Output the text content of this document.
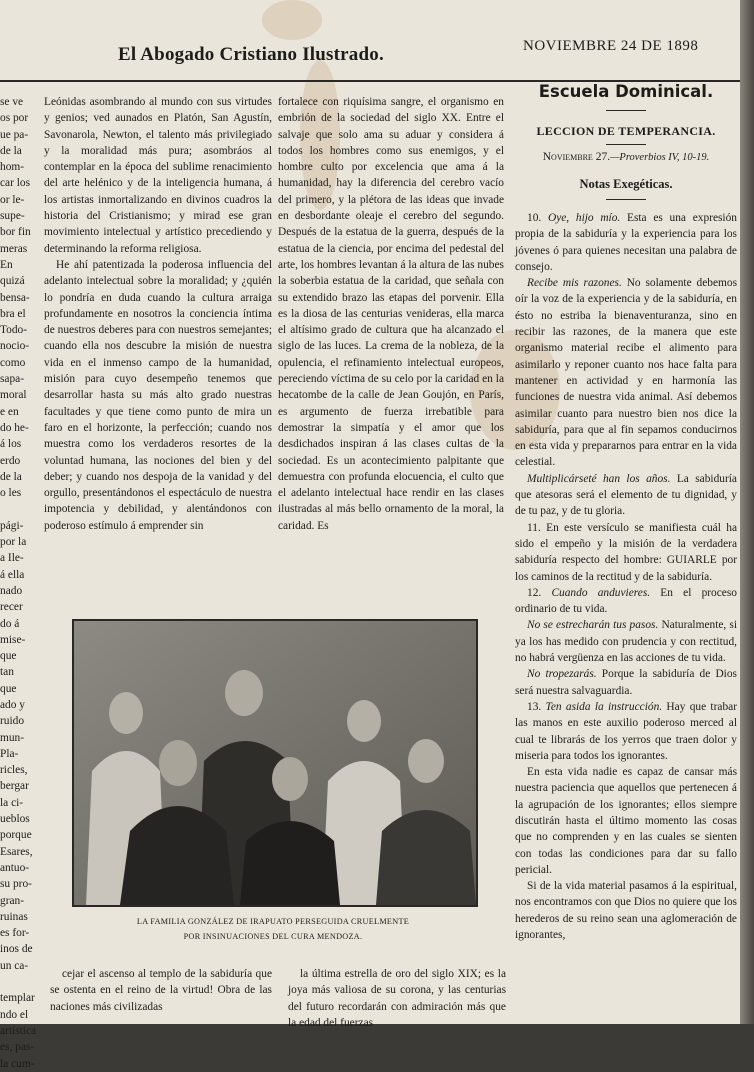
El Abogado Cristiano Ilustrado.	NOVIEMBRE 24 DE 1898
se ve
os por
ue pa-
de la
hom-
car los
or le-
supe-
bor fin
meras
En
quizá
bensa-
bra el
Todo-
nocio-
como
sapa-
moral
e en
do he-
á los
erdo
de la
o les

pági-
por la
a Ile-
á ella
nado
recer
do á
mise-
que
tan
que
ado y
ruido
mun-
Pla-
ricles,
bergar
la ci-
ueblos
porque
Esares,
antuo-
su pro-
gran-
ruinas
es for-
inos de
un ca-

templar
ndo el
artística
es, pas-
la cum-

Leónidas asombrando al mundo con sus virtudes y genios; ved aunados en Platón, San Agustín, Savonarola, Newton, el talento más privilegiado y la moralidad más pura; asombráos al contemplar en la época del sublime renacimiento del arte helénico y de la inteligencia humana, á los artistas inmortalizando en divinos cuadros la historia del Cristianismo; y mirad ese gran movimiento intelectual y artístico precediendo y determinando la reforma religiosa.

He ahí patentizada la poderosa influencia del adelanto intelectual sobre la moralidad; y ¿quién lo pondría en duda cuando la cultura arraiga profundamente en nosotros la conciencia íntima de nuestros deberes para con nuestros semejantes; cuando ella nos descubre la misión de nuestra vida en el inmenso campo de la humanidad, misión para cuyo desempeño tenemos que desarrollar hasta su más alto grado nuestras facultades y que tiene como punto de mira un faro en el horizonte, la perfección; cuando nos muestra como los verdaderos resortes de la voluntad humana, las nociones del bien y del deber; y cuando nos despoja de la vanidad y del orgullo, presentándonos el espectáculo de nuestra impotencia y debilidad, y alentándonos con poderoso estímulo á emprender sin

fortalece con riquísima sangre, el organismo en embrión de la sociedad del siglo XX. Entre el salvaje que solo ama su aduar y considera á todos los hombres como sus enemigos, y el hombre culto por excelencia que ama á la humanidad, hay la diferencia del cerebro vacío del primero, y la plétora de las ideas que invade en desbordante oleaje el cerebro del segundo. Después de la estatua de la guerra, después de la estatua de la ciencia, por encima del pedestal del arte, los hombres levantan á la altura de las nubes la soberbia estatua de la caridad, que señala con su extendido brazo las etapas del porvenir. Ella es la diosa de las centurias venideras, ella marca el altísimo grado de cultura que ha alcanzado el siglo de las luces. La crema de la nobleza, de la opulencia, el refinamiento intelectual europeos, pereciendo víctima de su celo por la caridad en la hecatombe de la calle de Jean Goujón, en París, es argumento de fuerza irrebatible para demostrar la simpatía y el amor que los desdichados inspiran á las clases cultas de la sociedad. Es un acontecimiento palpitante que demuestra con profunda elocuencia, el culto que el adelanto intelectual hace rendir en las clases ilustradas al más bello ornamento de la moral, la caridad. Es

Escuela Dominical.
LECCION DE TEMPERANCIA.
Noviembre 27.—Proverbios IV, 10-19.
Notas Exegéticas.

10. Oye, hijo mío. Esta es una expresión propia de la sabiduría y la experiencia para los jóvenes ó para quienes necesitan una palabra de consejo.

Recibe mis razones. No solamente debemos oír la voz de la experiencia y de la sabiduría, en ésto no estriba la bienaventuranza, sino en recibir las razones, de la manera que este organismo material recibe el alimento para asimilarlo y reponer cuanto nos hace falta para mantener en actividad y en harmonía las funciones de nuestra vida animal. Así debemos asimilar cuanto para nuestro bien nos dice la sabiduría, para que al fin sepamos conducirnos en esta vida y prepararnos para entrar en la vida celestial.

Multiplicárseté han los años. La sabiduría que atesoras será el elemento de tu dignidad, y de tu paz, y de tu gloria.

11. En este versículo se manifiesta cuál ha sido el empeño y la misión de la verdadera sabiduría respecto del hombre: GUIARLE por los caminos de la rectitud y de la sabiduría.

12. Cuando anduvieres. En el proceso ordinario de tu vida.

No se estrecharán tus pasos. Naturalmente, si ya los has medido con prudencia y con rectitud, no habrá vergüenza en las acciones de tu vida.

No tropezarás. Porque la sabiduría de Dios será nuestra salvaguardia.

13. Ten asida la instrucción. Hay que trabar las manos en este auxilio poderoso merced al cual te librarás de los yerros que traen dolor y miseria para todos los ignorantes.

En esta vida nadie es capaz de cansar más nuestra paciencia que aquellos que pertenecen á la agrupación de los ignorantes; ellos siempre discutirán hasta el último momento las cosas que no comprenden y en las cuales se sienten con todas las condiciones para dar su fallo pericial.

Si de la vida material pasamos á la espiritual, nos encontramos con que Dios no quiere que los herederos de su reino sean una aglomeración de ignorantes,

LA FAMILIA GONZÁLEZ DE IRAPUATO PERSEGUIDA CRUELMENTE
POR INSINUACIONES DEL CURA MENDOZA.

cejar el ascenso al templo de la sabiduría que se ostenta en el reino de la virtud! Obra de las naciones más civilizadas

la última estrella de oro del siglo XIX; es la joya más valiosa de su corona, y las centurias del futuro recordarán con admiración más que la edad del fuerzas
